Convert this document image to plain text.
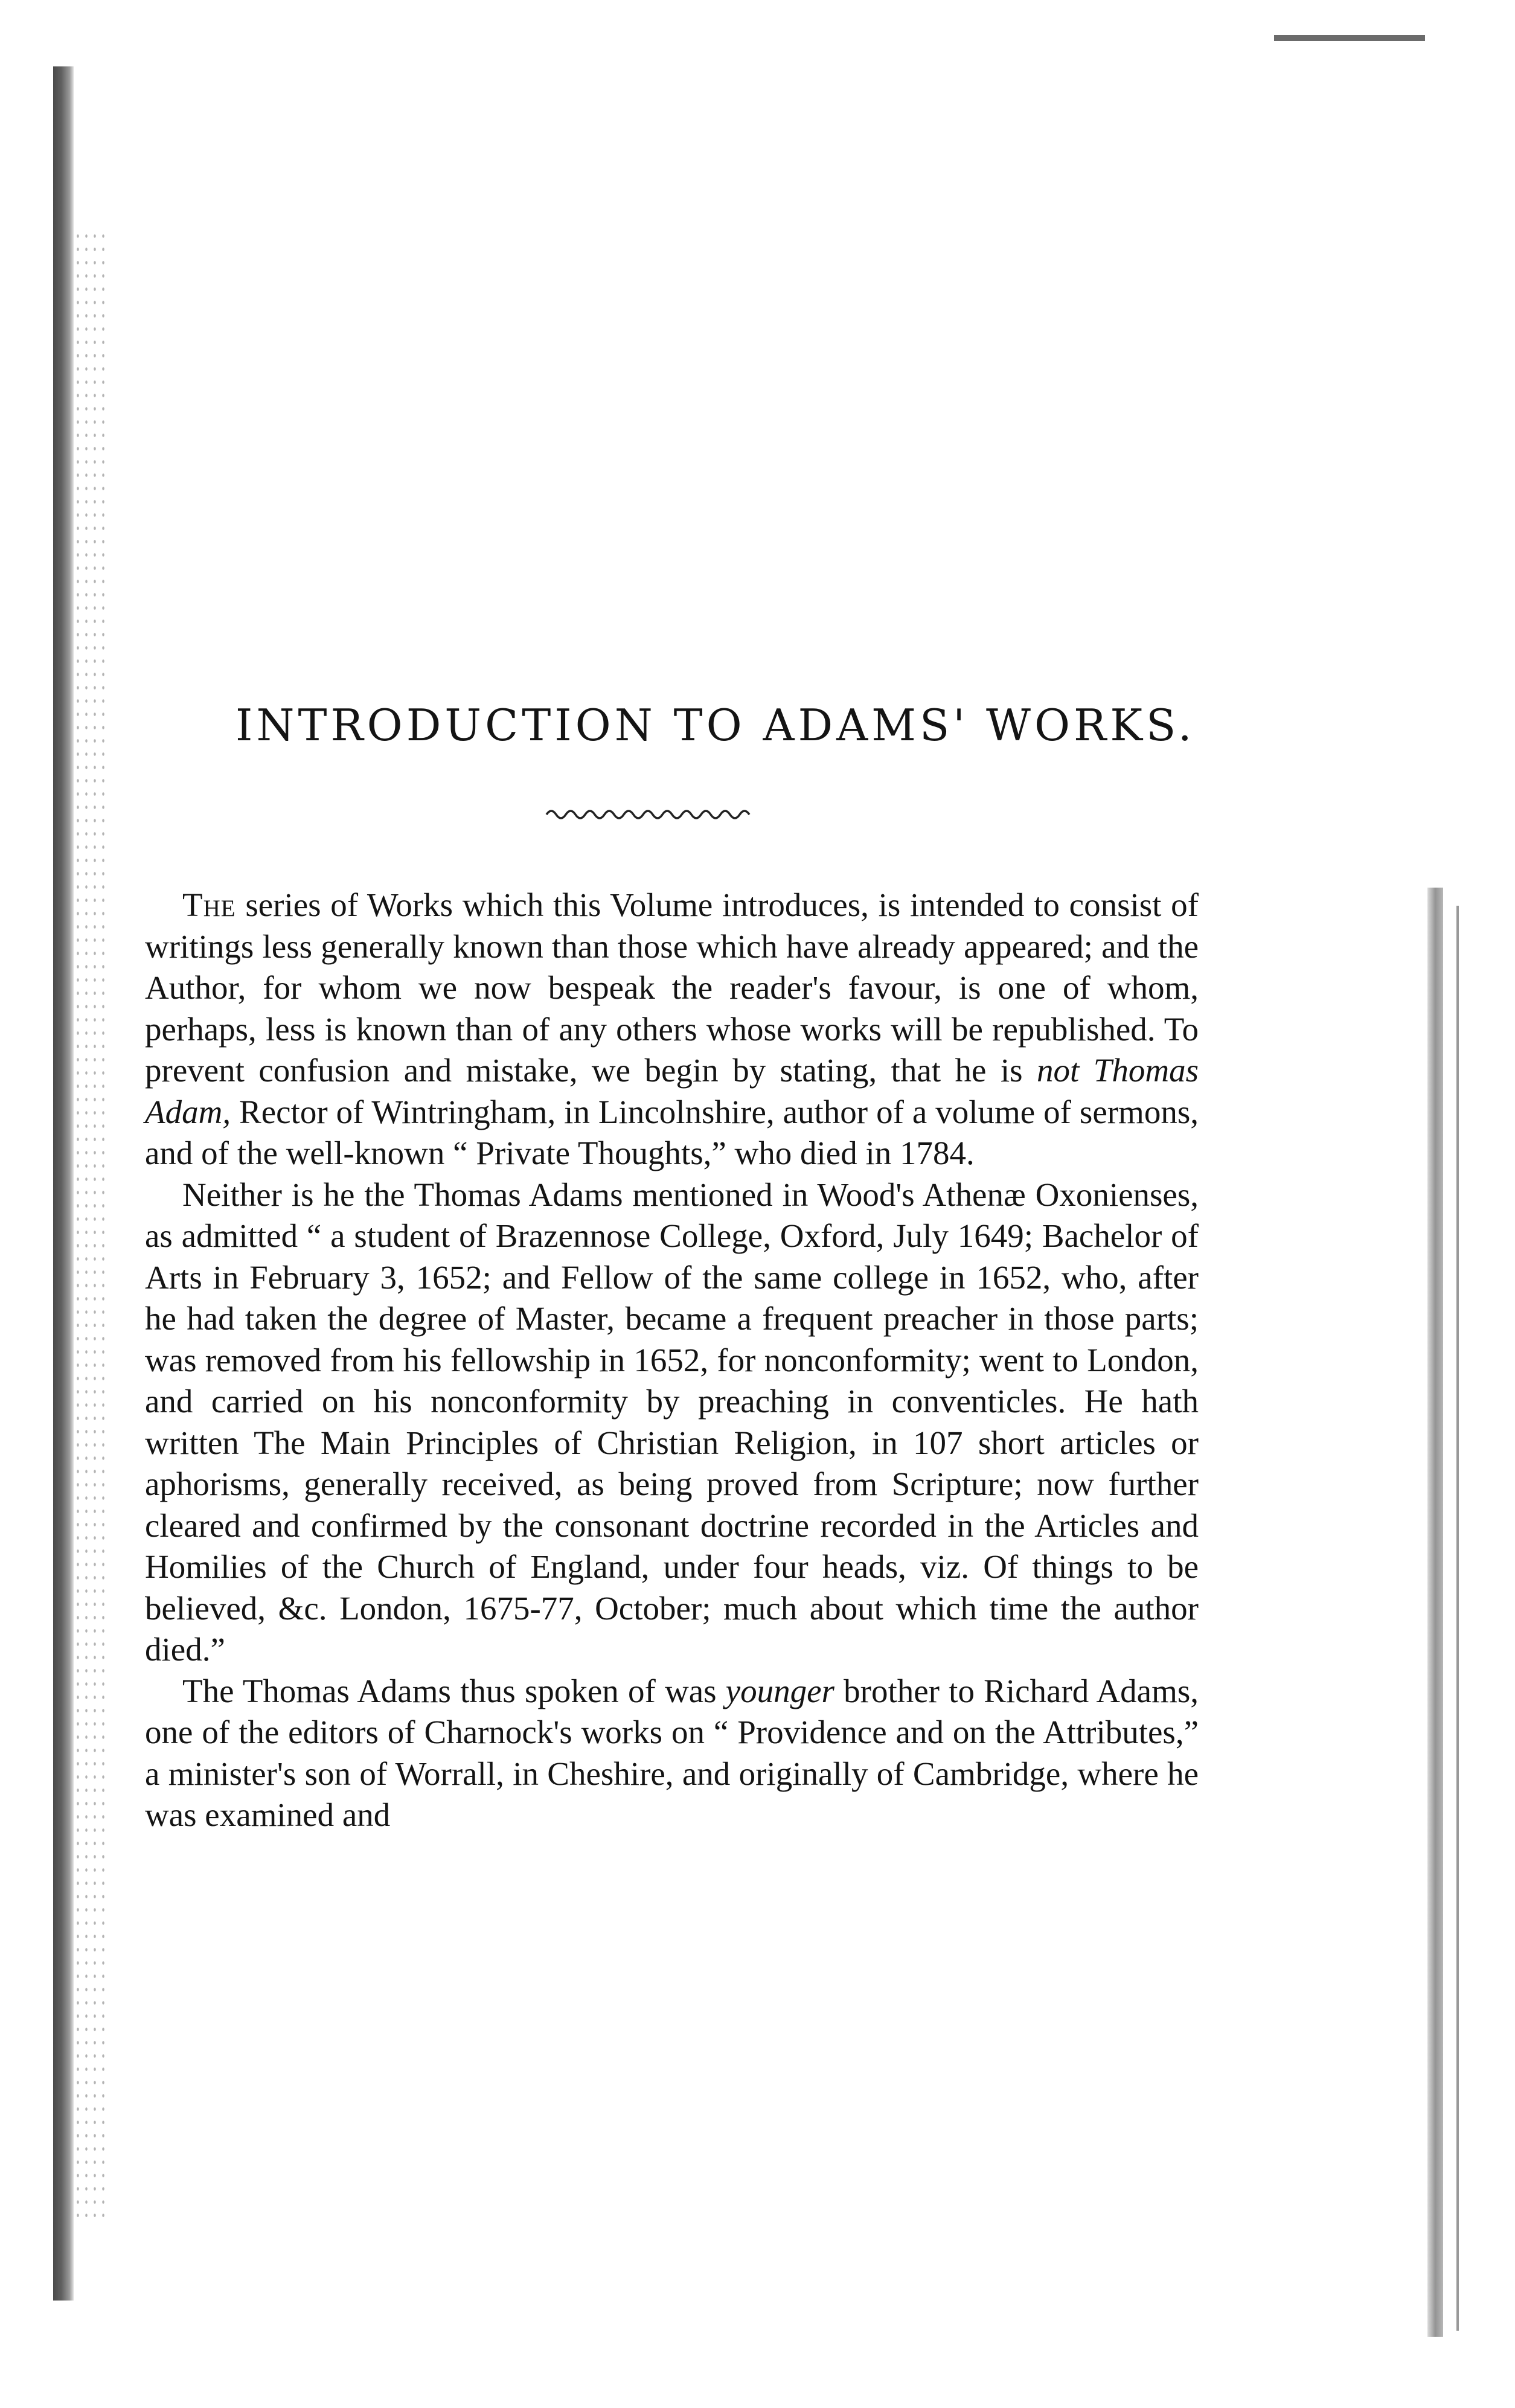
INTRODUCTION TO ADAMS' WORKS.

The series of Works which this Volume introduces, is intended to consist of writings less generally known than those which have already appeared; and the Author, for whom we now bespeak the reader's favour, is one of whom, perhaps, less is known than of any others whose works will be republished. To prevent confusion and mistake, we begin by stating, that he is not Thomas Adam, Rector of Wintringham, in Lincolnshire, author of a volume of sermons, and of the well-known “ Private Thoughts,” who died in 1784.

Neither is he the Thomas Adams mentioned in Wood's Athenæ Oxonienses, as admitted “ a student of Brazennose College, Oxford, July 1649; Bachelor of Arts in February 3, 1652; and Fellow of the same college in 1652, who, after he had taken the degree of Master, became a frequent preacher in those parts; was removed from his fellowship in 1652, for nonconformity; went to London, and carried on his nonconformity by preaching in conventicles. He hath written The Main Principles of Christian Religion, in 107 short articles or aphorisms, generally received, as being proved from Scripture; now further cleared and confirmed by the consonant doctrine recorded in the Articles and Homilies of the Church of England, under four heads, viz. Of things to be believed, &c. London, 1675-77, October; much about which time the author died.”

The Thomas Adams thus spoken of was younger brother to Richard Adams, one of the editors of Charnock's works on “ Providence and on the Attributes,” a minister's son of Worrall, in Cheshire, and originally of Cambridge, where he was examined and
